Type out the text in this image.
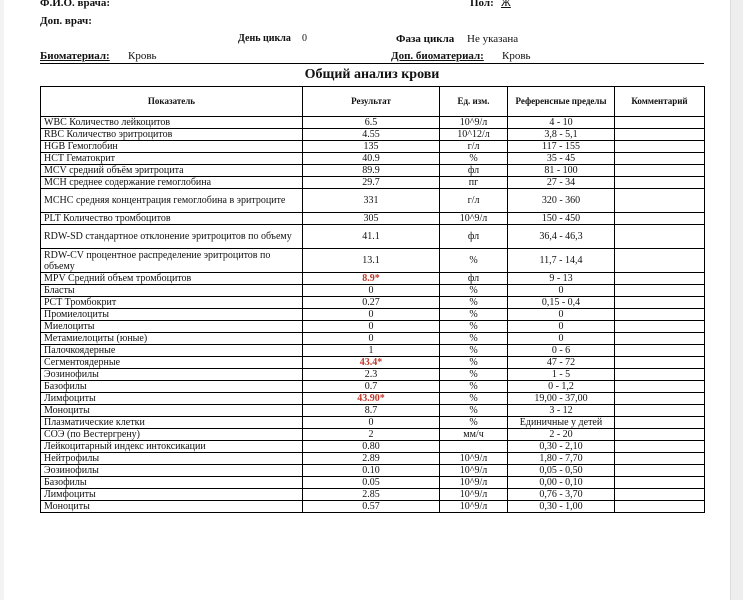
Ф.И.О. врача:	Пол: Ж
Доп. врач:
День цикла 0	Фаза цикла Не указана
Биоматериал: Кровь	Доп. биоматериал: Кровь
Общий анализ крови
Показатель	Результат	Ед. изм.	Референсные пределы	Комментарий
WBC Количество лейкоцитов	6.5	10^9/л	4 - 10	
RBC Количество эритроцитов	4.55	10^12/л	3,8 - 5,1	
HGB Гемоглобин	135	г/л	117 - 155	
HCT Гематокрит	40.9	%	35 - 45	
MCV средний объём эритроцита	89.9	фл	81 - 100	
MCH среднее содержание гемоглобина	29.7	пг	27 - 34	
MCHC средняя концентрация гемоглобина в эритроците	331	г/л	320 - 360	
PLT Количество тромбоцитов	305	10^9/л	150 - 450	
RDW-SD стандартное отклонение эритроцитов по объему	41.1	фл	36,4 - 46,3	
RDW-CV процентное распределение эритроцитов по объему	13.1	%	11,7 - 14,4	
MPV Средний объем тромбоцитов	8.9*	фл	9 - 13	
Бласты	0	%	0	
PCT Тромбокрит	0.27	%	0,15 - 0,4	
Промиелоциты	0	%	0	
Миелоциты	0	%	0	
Метамиелоциты (юные)	0	%	0	
Палочкоядерные	1	%	0 - 6	
Сегментоядерные	43.4*	%	47 - 72	
Эозинофилы	2.3	%	1 - 5	
Базофилы	0.7	%	0 - 1,2	
Лимфоциты	43.90*	%	19,00 - 37,00	
Моноциты	8.7	%	3 - 12	
Плазматические клетки	0	%	Единичные у детей	
СОЭ (по Вестергрену)	2	мм/ч	2 - 20	
Лейкоцитарный индекс интоксикации	0.80		0,30 - 2,10	
Нейтрофилы	2.89	10^9/л	1,80 - 7,70	
Эозинофилы	0.10	10^9/л	0,05 - 0,50	
Базофилы	0.05	10^9/л	0,00 - 0,10	
Лимфоциты	2.85	10^9/л	0,76 - 3,70	
Моноциты	0.57	10^9/л	0,30 - 1,00	
